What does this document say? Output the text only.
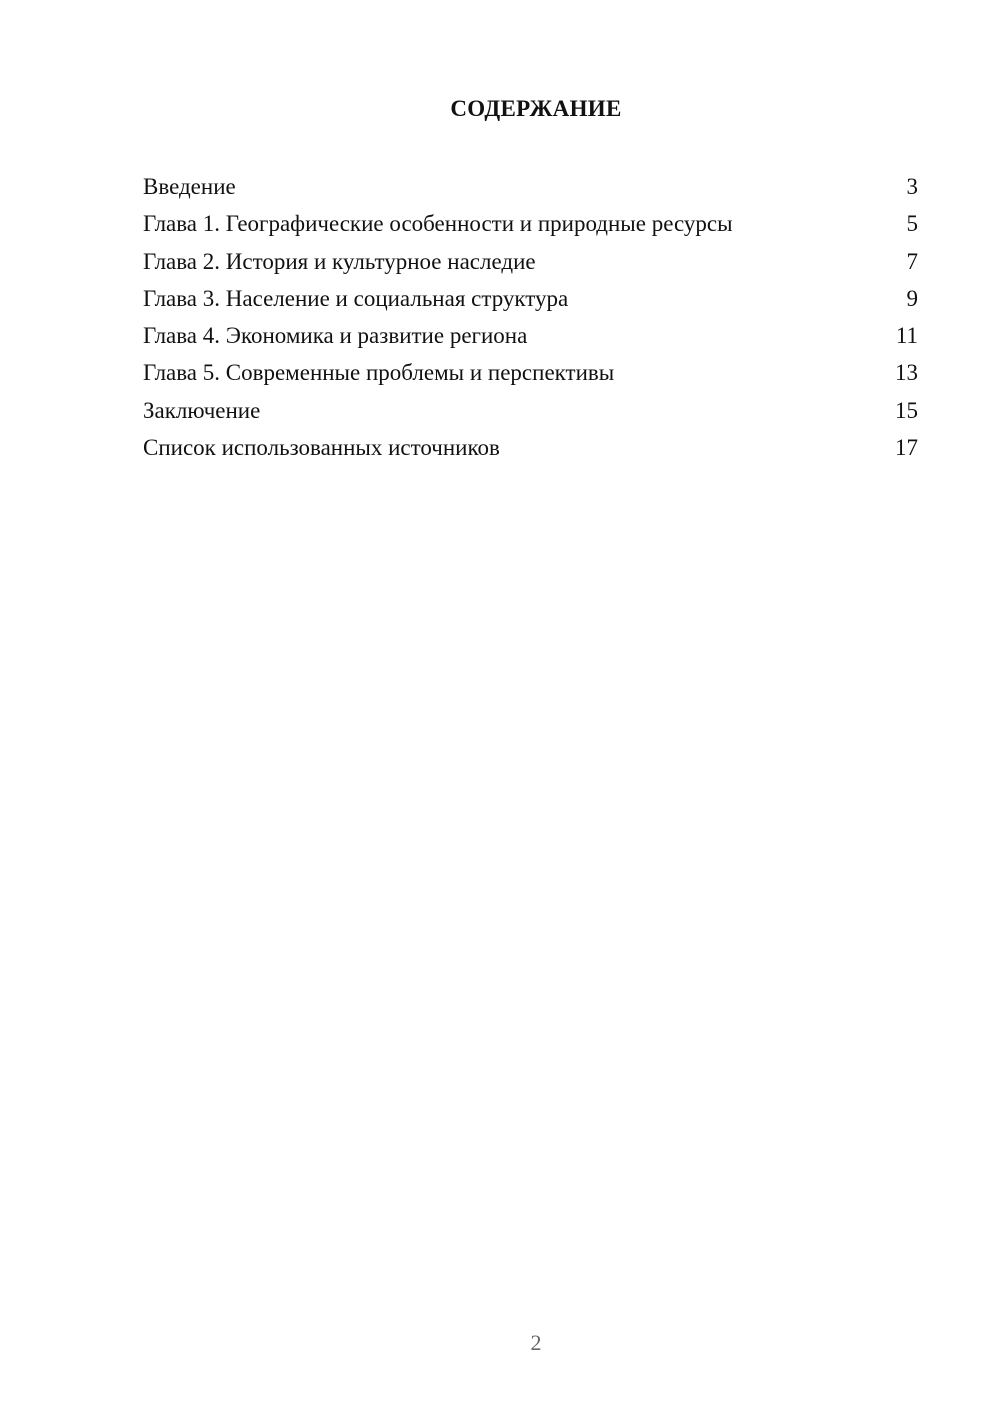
СОДЕРЖАНИЕ
Введение	3
Глава 1. Географические особенности и природные ресурсы	5
Глава 2. История и культурное наследие	7
Глава 3. Население и социальная структура	9
Глава 4. Экономика и развитие региона	11
Глава 5. Современные проблемы и перспективы	13
Заключение	15
Список использованных источников	17
2
